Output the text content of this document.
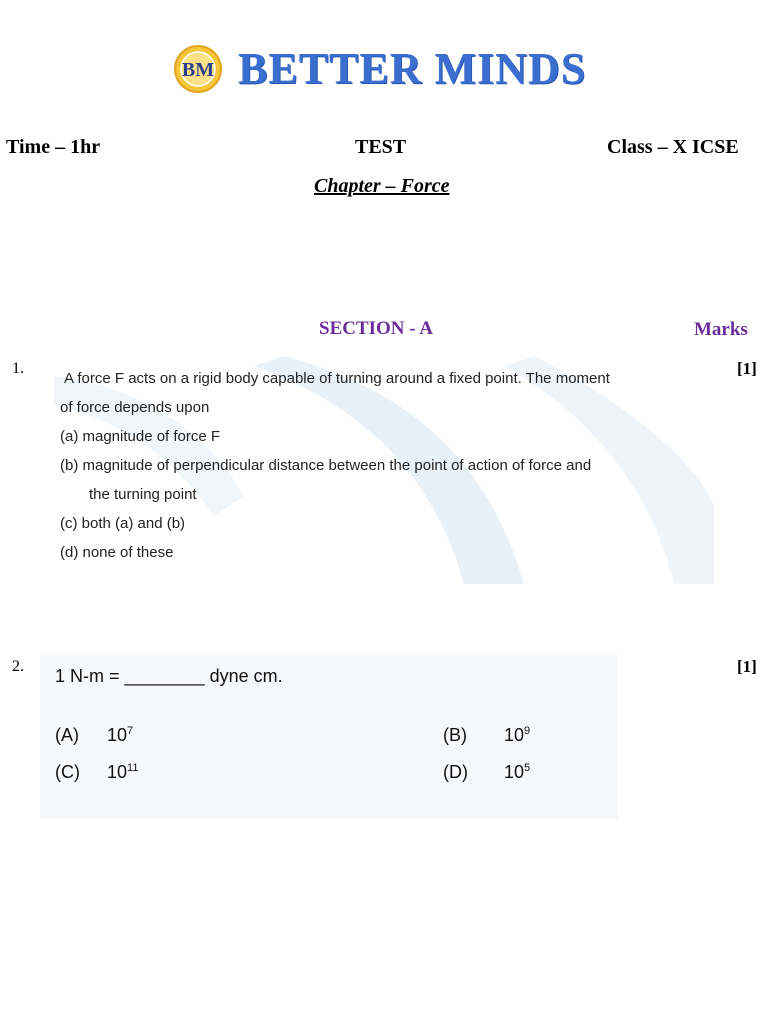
BM BETTER MINDS
Time – 1hr	TEST	Class – X ICSE
Chapter – Force
SECTION - A	Marks
1.	[1]
A force F acts on a rigid body capable of turning around a fixed point. The moment
of force depends upon
(a) magnitude of force F
(b) magnitude of perpendicular distance between the point of action of force and
the turning point
(c) both (a) and (b)
(d) none of these
2.	[1]
1 N-m = ________ dyne cm.
(A) $10^7$	(B) $10^9$
(C) $10^{11}$	(D) $10^5$
